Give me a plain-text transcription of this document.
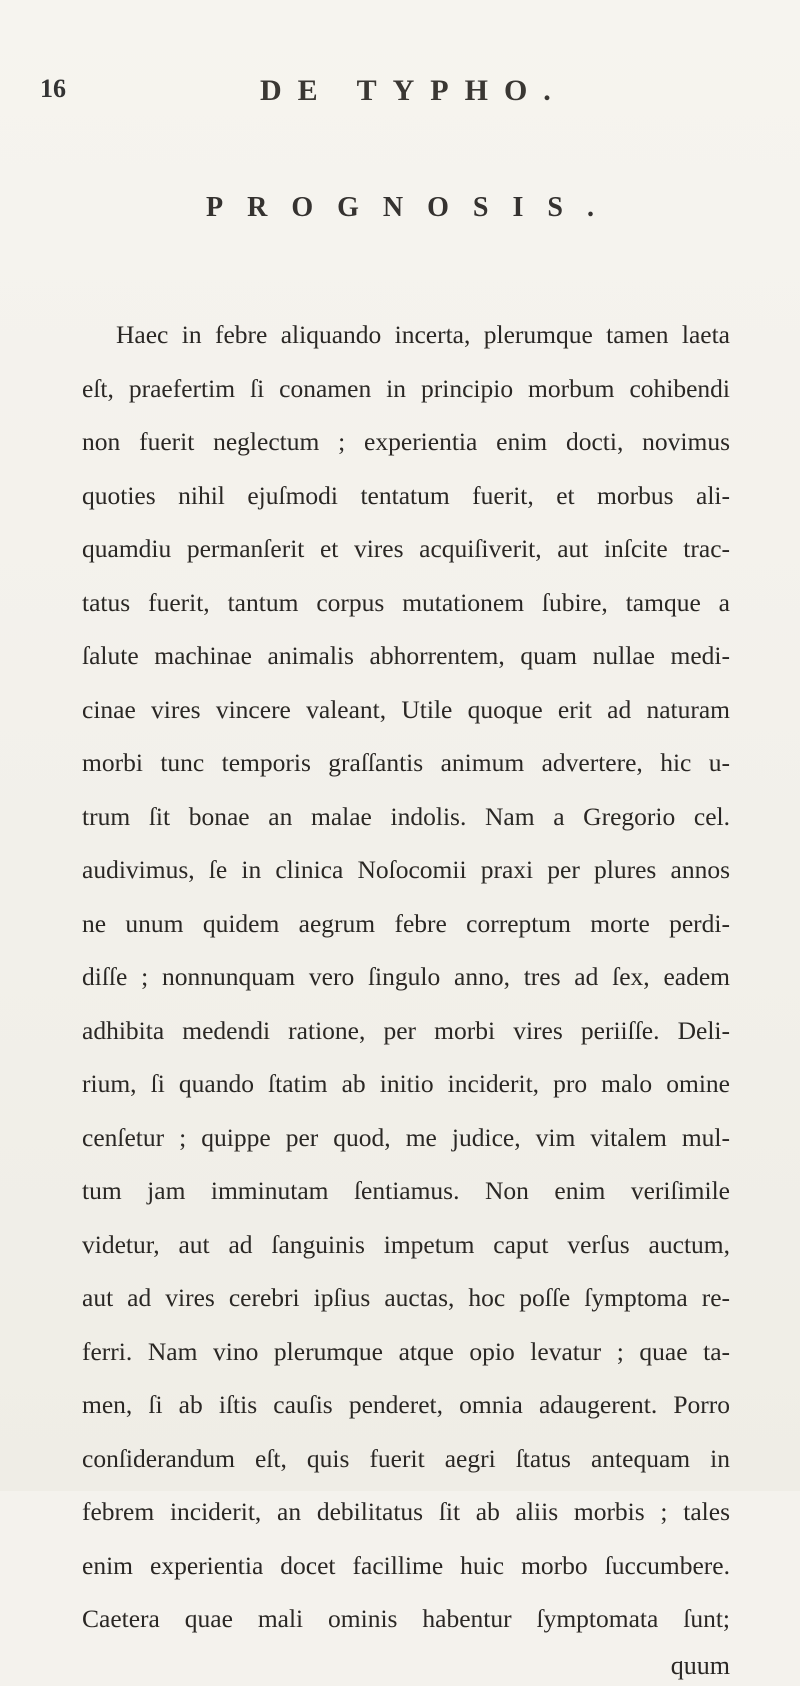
16	DE TYPHO.
PROGNOSIS.
Haec in febre aliquando incerta, plerumque tamen laeta
eſt, praefertim ſi conamen in principio morbum cohibendi
non fuerit neglectum ; experientia enim docti, novimus
quoties nihil ejuſmodi tentatum fuerit, et morbus ali-
quamdiu permanſerit et vires acquiſiverit, aut inſcite trac-
tatus fuerit, tantum corpus mutationem ſubire, tamque a
ſalute machinae animalis abhorrentem, quam nullae medi-
cinae vires vincere valeant, Utile quoque erit ad naturam
morbi tunc temporis graſſantis animum advertere, hic u-
trum ſit bonae an malae indolis. Nam a Gregorio cel.
audivimus, ſe in clinica Noſocomii praxi per plures annos
ne unum quidem aegrum febre correptum morte perdi-
diſſe ; nonnunquam vero ſingulo anno, tres ad ſex, eadem
adhibita medendi ratione, per morbi vires periiſſe. Deli-
rium, ſi quando ſtatim ab initio inciderit, pro malo omine
cenſetur ; quippe per quod, me judice, vim vitalem mul-
tum jam imminutam ſentiamus. Non enim veriſimile
videtur, aut ad ſanguinis impetum caput verſus auctum,
aut ad vires cerebri ipſius auctas, hoc poſſe ſymptoma re-
ferri. Nam vino plerumque atque opio levatur ; quae ta-
men, ſi ab iſtis cauſis penderet, omnia adaugerent. Porro
conſiderandum eſt, quis fuerit aegri ſtatus antequam in
febrem inciderit, an debilitatus ſit ab aliis morbis ; tales
enim experientia docet facillime huic morbo ſuccumbere.
Caetera quae mali ominis habentur ſymptomata ſunt;
quum
